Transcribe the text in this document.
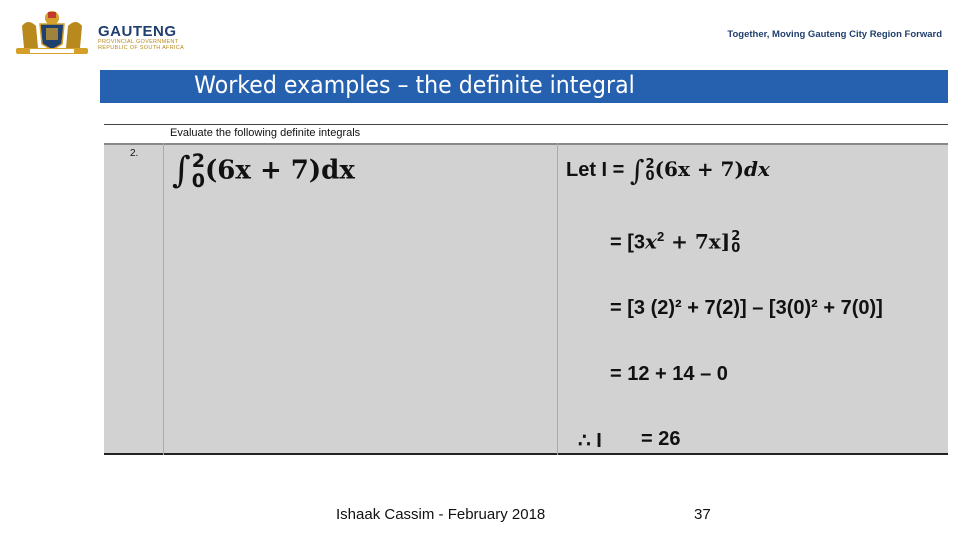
GAUTENG
PROVINCIAL GOVERNMENT
REPUBLIC OF SOUTH AFRICA
Together, Moving Gauteng City Region Forward
Worked examples – the definite integral
Evaluate the following definite integrals
2. ∫ 2
0 (6x + 7)dx	Let I = ∫ 2
0 (6x + 7)dx
= $[3x^2 + 7x]$ 2
0
= [3 (2)² + 7(2)] – [3(0)² + 7(0)]
= 12 + 14 – 0
∴ I = 26
Ishaak Cassim - February 2018	37
